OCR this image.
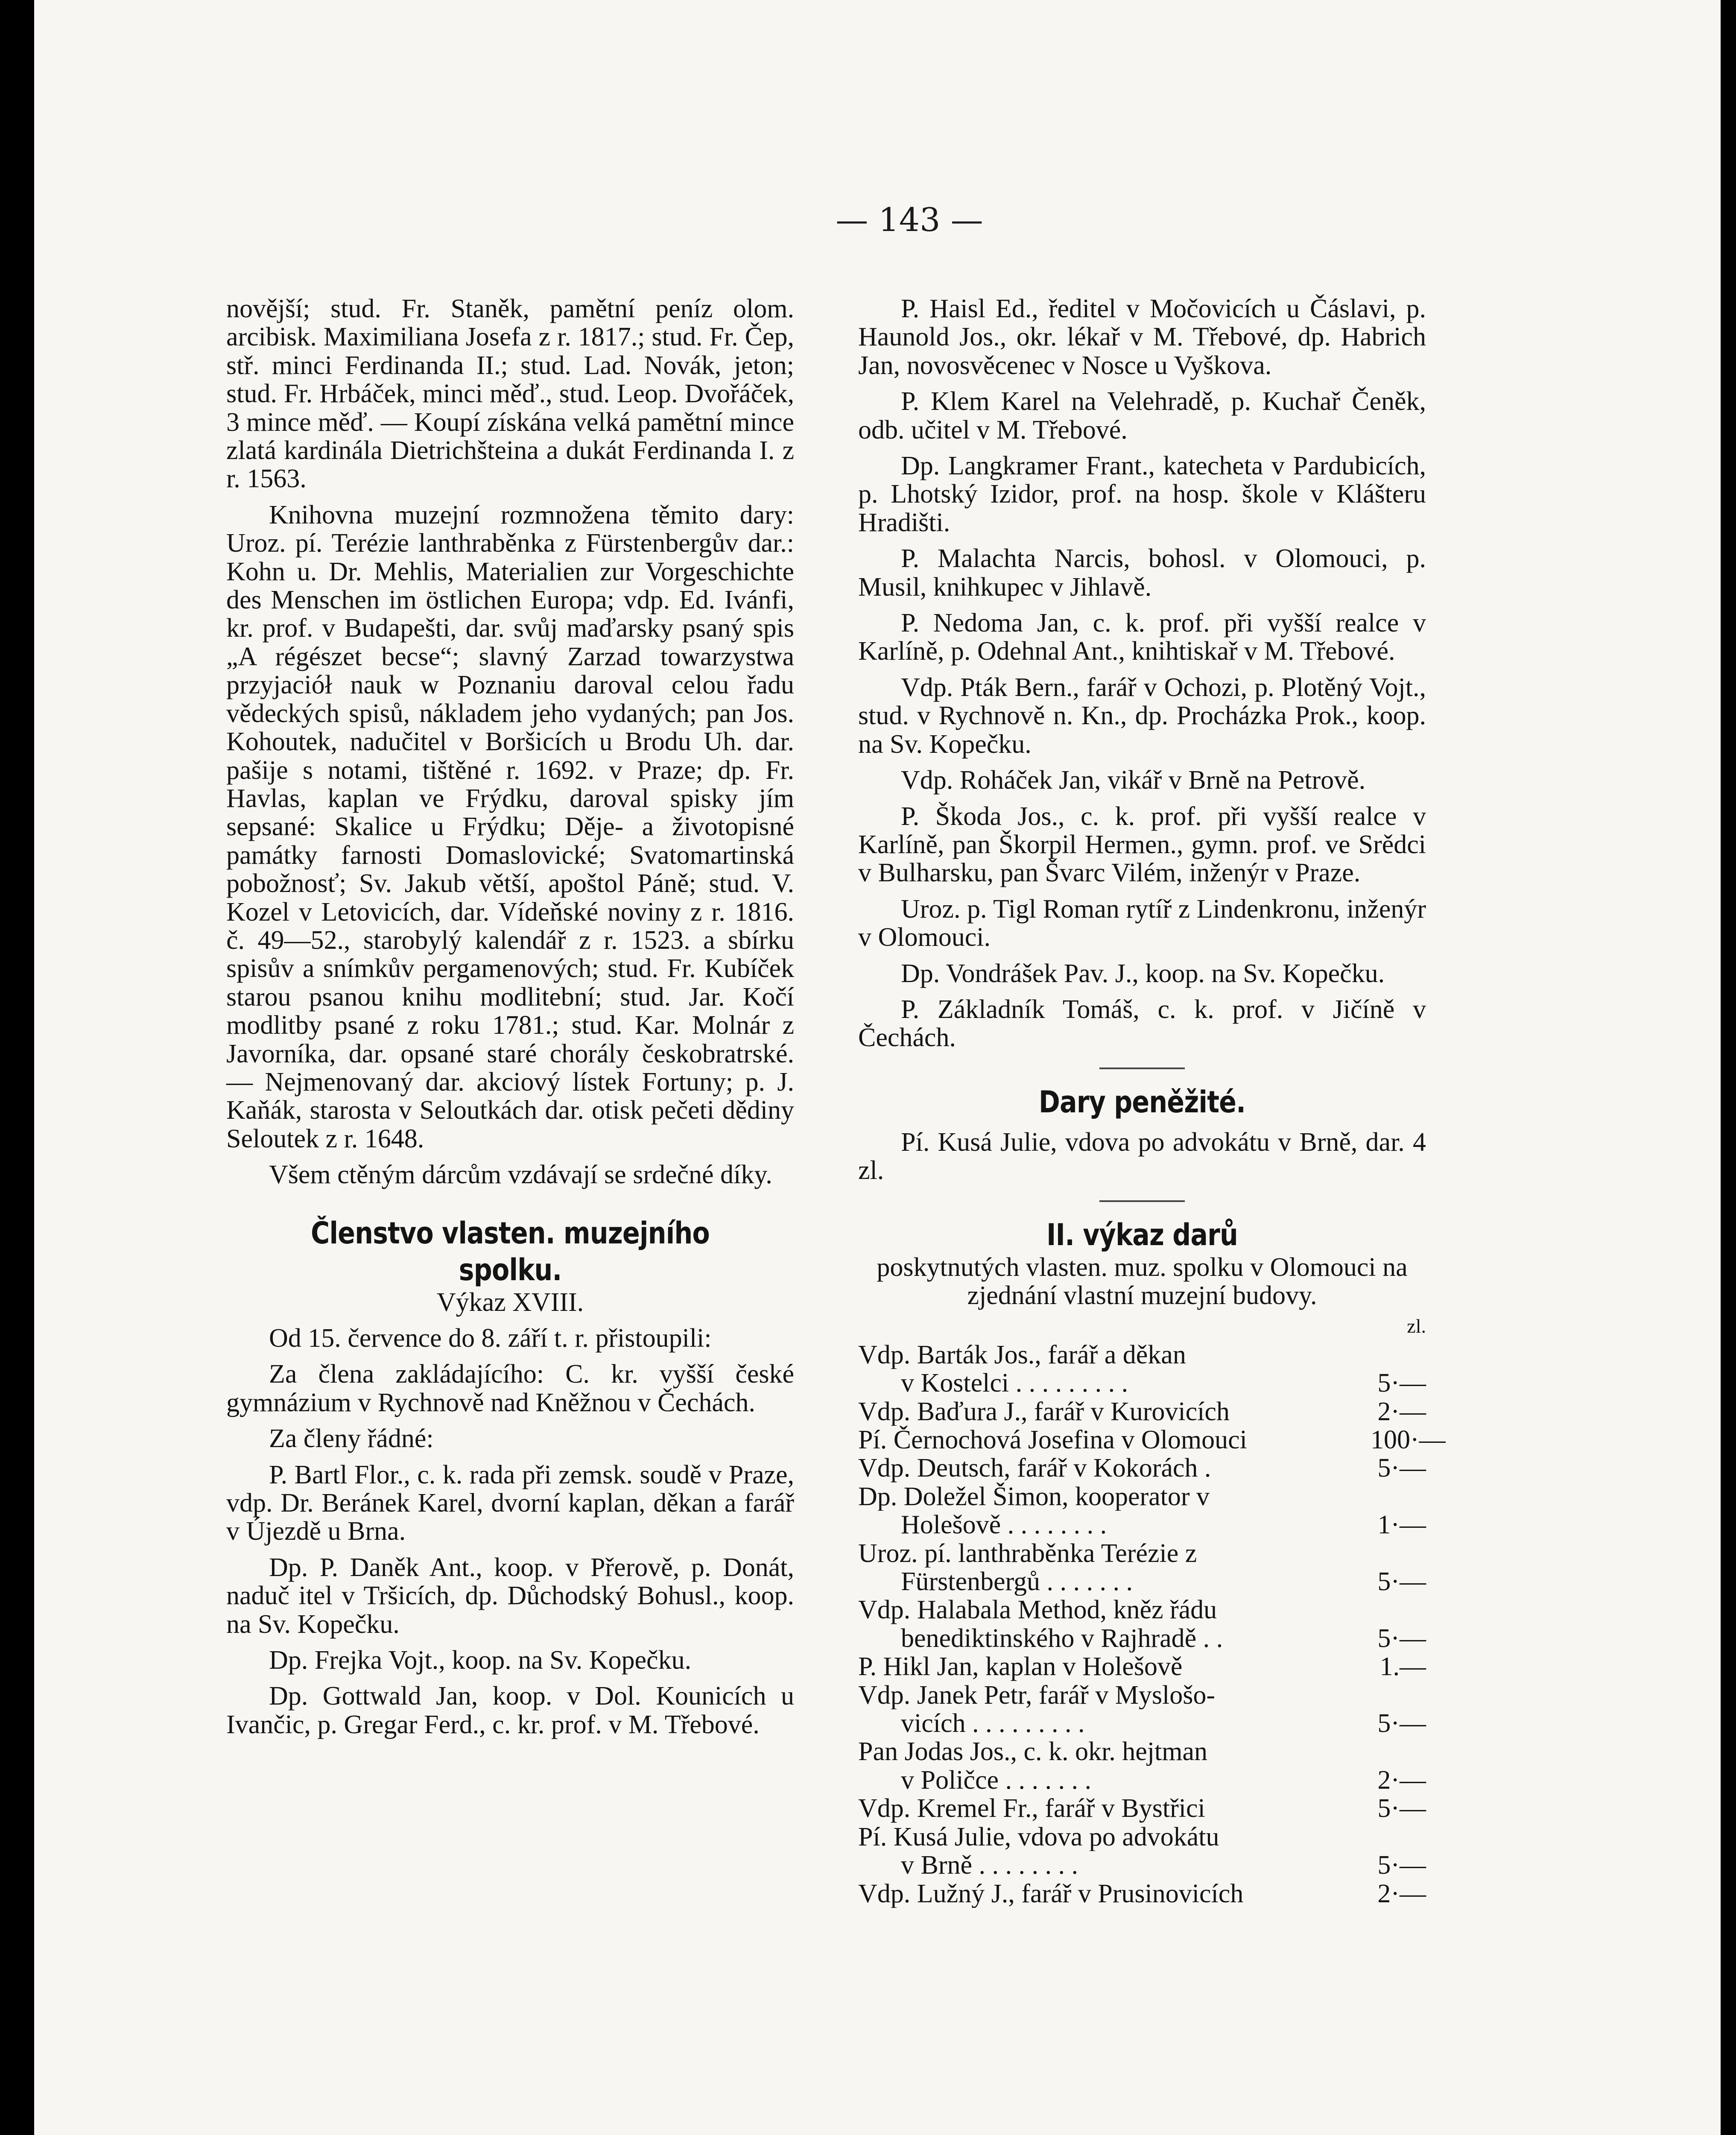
— 143 —

novější; stud. Fr. Staněk, pamětní peníz olom. arcibisk. Maximiliana Josefa z r. 1817.; stud. Fr. Čep, stř. minci Ferdinanda II.; stud. Lad. Novák, jeton; stud. Fr. Hrbáček, minci měď., stud. Leop. Dvořáček, 3 mince měď. — Koupí získána velká pamětní mince zlatá kardinála Dietrichšteina a dukát Ferdinanda I. z r. 1563.

Knihovna muzejní rozmnožena těmito dary: Uroz. pí. Terézie lanthraběnka z Fürstenbergův dar.: Kohn u. Dr. Mehlis, Materialien zur Vorgeschichte des Menschen im östlichen Europa; vdp. Ed. Ivánfi, kr. prof. v Budapešti, dar. svůj maďarsky psaný spis „A régészet becse“; slavný Zarzad towarzystwa przyjaciół nauk w Poznaniu daroval celou řadu vědeckých spisů, nákladem jeho vydaných; pan Jos. Kohoutek, nadučitel v Boršicích u Brodu Uh. dar. pašije s notami, tištěné r. 1692. v Praze; dp. Fr. Havlas, kaplan ve Frýdku, daroval spisky jím sepsané: Skalice u Frýdku; Děje- a životopisné památky farnosti Domaslovické; Svatomartinská pobožnosť; Sv. Jakub větší, apoštol Páně; stud. V. Kozel v Letovicích, dar. Vídeňské noviny z r. 1816. č. 49—52., starobylý kalendář z r. 1523. a sbírku spisův a snímkův pergamenových; stud. Fr. Kubíček starou psanou knihu modlitební; stud. Jar. Kočí modlitby psané z roku 1781.; stud. Kar. Molnár z Javorníka, dar. opsané staré chorály českobratrské. — Nejmenovaný dar. akciový lístek Fortuny; p. J. Kaňák, starosta v Seloutkách dar. otisk pečeti dědiny Seloutek z r. 1648.

Všem ctěným dárcům vzdávají se srdečné díky.

Členstvo vlasten. muzejního spolku.

Výkaz XVIII.

Od 15. července do 8. září t. r. přistoupili:

Za člena zakládajícího: C. kr. vyšší české gymnázium v Rychnově nad Kněžnou v Čechách.

Za členy řádné:

P. Bartl Flor., c. k. rada při zemsk. soudě v Praze, vdp. Dr. Beránek Karel, dvorní kaplan, děkan a farář v Újezdě u Brna.

Dp. P. Daněk Ant., koop. v Přerově, p. Donát, naduč itel v Tršicích, dp. Důchodský Bohusl., koop. na Sv. Kopečku.

Dp. Frejka Vojt., koop. na Sv. Kopečku.

Dp. Gottwald Jan, koop. v Dol. Kounicích u Ivančic, p. Gregar Ferd., c. kr. prof. v M. Třebové.

P. Haisl Ed., ředitel v Močovicích u Čáslavi, p. Haunold Jos., okr. lékař v M. Třebové, dp. Habrich Jan, novosvěcenec v Nosce u Vyškova.

P. Klem Karel na Velehradě, p. Kuchař Čeněk, odb. učitel v M. Třebové.

Dp. Langkramer Frant., katecheta v Pardubicích, p. Lhotský Izidor, prof. na hosp. škole v Klášteru Hradišti.

P. Malachta Narcis, bohosl. v Olomouci, p. Musil, knihkupec v Jihlavě.

P. Nedoma Jan, c. k. prof. při vyšší realce v Karlíně, p. Odehnal Ant., knihtiskař v M. Třebové.

Vdp. Pták Bern., farář v Ochozi, p. Plotěný Vojt., stud. v Rychnově n. Kn., dp. Procházka Prok., koop. na Sv. Kopečku.

Vdp. Roháček Jan, vikář v Brně na Petrově.

P. Škoda Jos., c. k. prof. při vyšší realce v Karlíně, pan Škorpil Hermen., gymn. prof. ve Srědci v Bulharsku, pan Švarc Vilém, inženýr v Praze.

Uroz. p. Tigl Roman rytíř z Lindenkronu, inženýr v Olomouci.

Dp. Vondrášek Pav. J., koop. na Sv. Kopečku.

P. Základník Tomáš, c. k. prof. v Jičíně v Čechách.

Dary peněžité.

Pí. Kusá Julie, vdova po advokátu v Brně, dar. 4 zl.

II. výkaz darů

poskytnutých vlasten. muz. spolku v Olomouci na zjednání vlastní muzejní budovy.

zl.
Vdp. Barták Jos., farář a děkan
v Kostelci . . . . . . . . .	5·—
Vdp. Baďura J., farář v Kurovicích	2·—
Pí. Černochová Josefina v Olomouci	100·—
Vdp. Deutsch, farář v Kokorách .	5·—
Dp. Doležel Šimon, kooperator v
Holešově . . . . . . . .	1·—
Uroz. pí. lanthraběnka Terézie z
Fürstenbergů . . . . . . .	5·—
Vdp. Halabala Method, kněz řádu
benediktinského v Rajhradě . .	5·—
P. Hikl Jan, kaplan v Holešově	1.—
Vdp. Janek Petr, farář v Myslošo-
vicích . . . . . . . . .	5·—
Pan Jodas Jos., c. k. okr. hejtman
v Poličce . . . . . . .	2·—
Vdp. Kremel Fr., farář v Bystřici	5·—
Pí. Kusá Julie, vdova po advokátu
v Brně . . . . . . . .	5·—
Vdp. Lužný J., farář v Prusinovicích	2·—
